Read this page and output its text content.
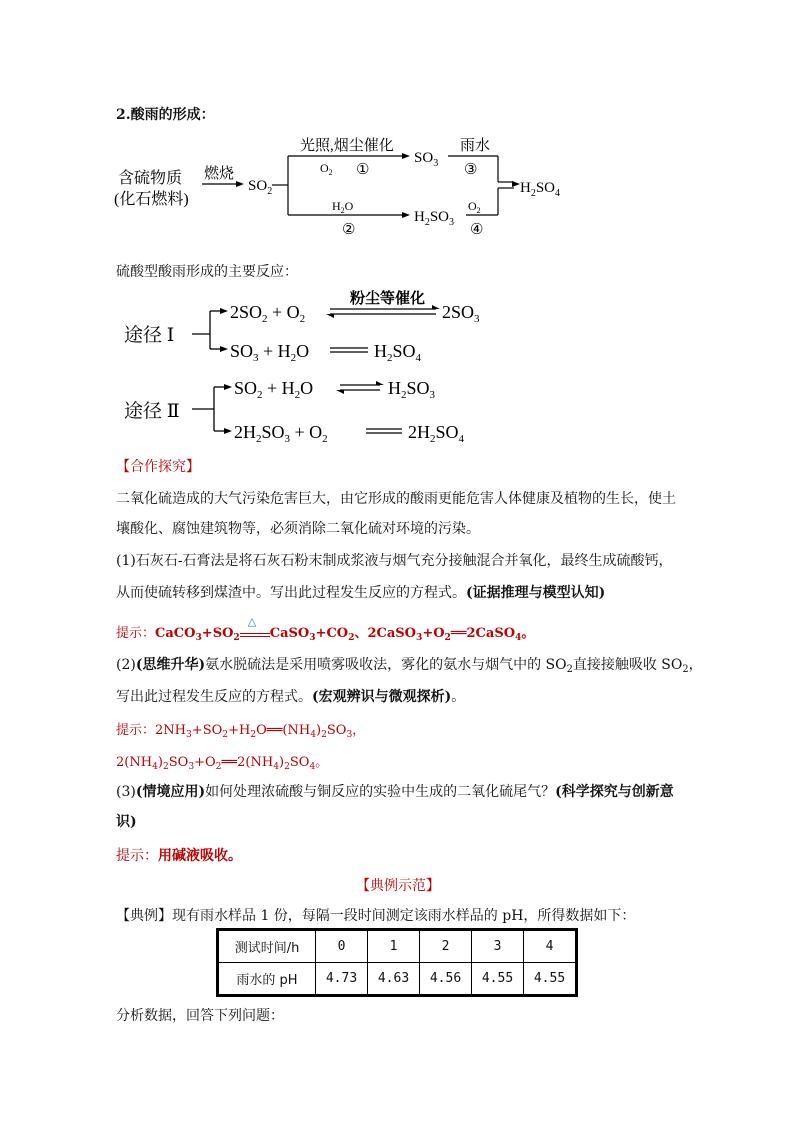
2.酸雨的形成：
含硫物质
(化石燃料)
燃烧
$SO_2$
光照,烟尘催化
$O_2$ ①
$SO_3$
雨水
③
$H_2SO_4$
$H_2O$
②
$H_2SO_3$
$O_2$
④
硫酸型酸雨形成的主要反应：
途径 Ⅰ
$2SO_2 + O_2$
粉尘等催化
$2SO_3$
$SO_3 + H_2O$	$H_2SO_4$
途径 Ⅱ
$SO_2 + H_2O$	$H_2SO_3$
$2H_2SO_3 + O_2$	$2H_2SO_4$
【合作探究】
二氧化硫造成的大气污染危害巨大，由它形成的酸雨更能危害人体健康及植物的生长，使土
壤酸化、腐蚀建筑物等，必须消除二氧化硫对环境的污染。
(1)石灰石-石膏法是将石灰石粉末制成浆液与烟气充分接触混合并氧化，最终生成硫酸钙，
从而使硫转移到煤渣中。写出此过程发生反应的方程式。(证据推理与模型认知)
提示：$CaCO_3+SO_2$
△
$CaSO_3+CO_2$、$2CaSO_3+O_2══2CaSO_4$。
(2)(思维升华)氨水脱硫法是采用喷雾吸收法，雾化的氨水与烟气中的 $SO_2$直接接触吸收 $SO_2$，
写出此过程发生反应的方程式。(宏观辨识与微观探析)。
提示：$2NH_3+SO_2+H_2O══(NH_4)_2SO_3$，
$2(NH_4)_2SO_3+O_2══2(NH_4)_2SO_4$。
(3)(情境应用)如何处理浓硫酸与铜反应的实验中生成的二氧化硫尾气？(科学探究与创新意
识)
提示：用碱液吸收。
【典例示范】
【典例】现有雨水样品 1 份，每隔一段时间测定该雨水样品的 pH，所得数据如下：
测试时间/h	0	1	2	3	4
雨水的 pH	4.73	4.63	4.56	4.55	4.55
分析数据，回答下列问题：
